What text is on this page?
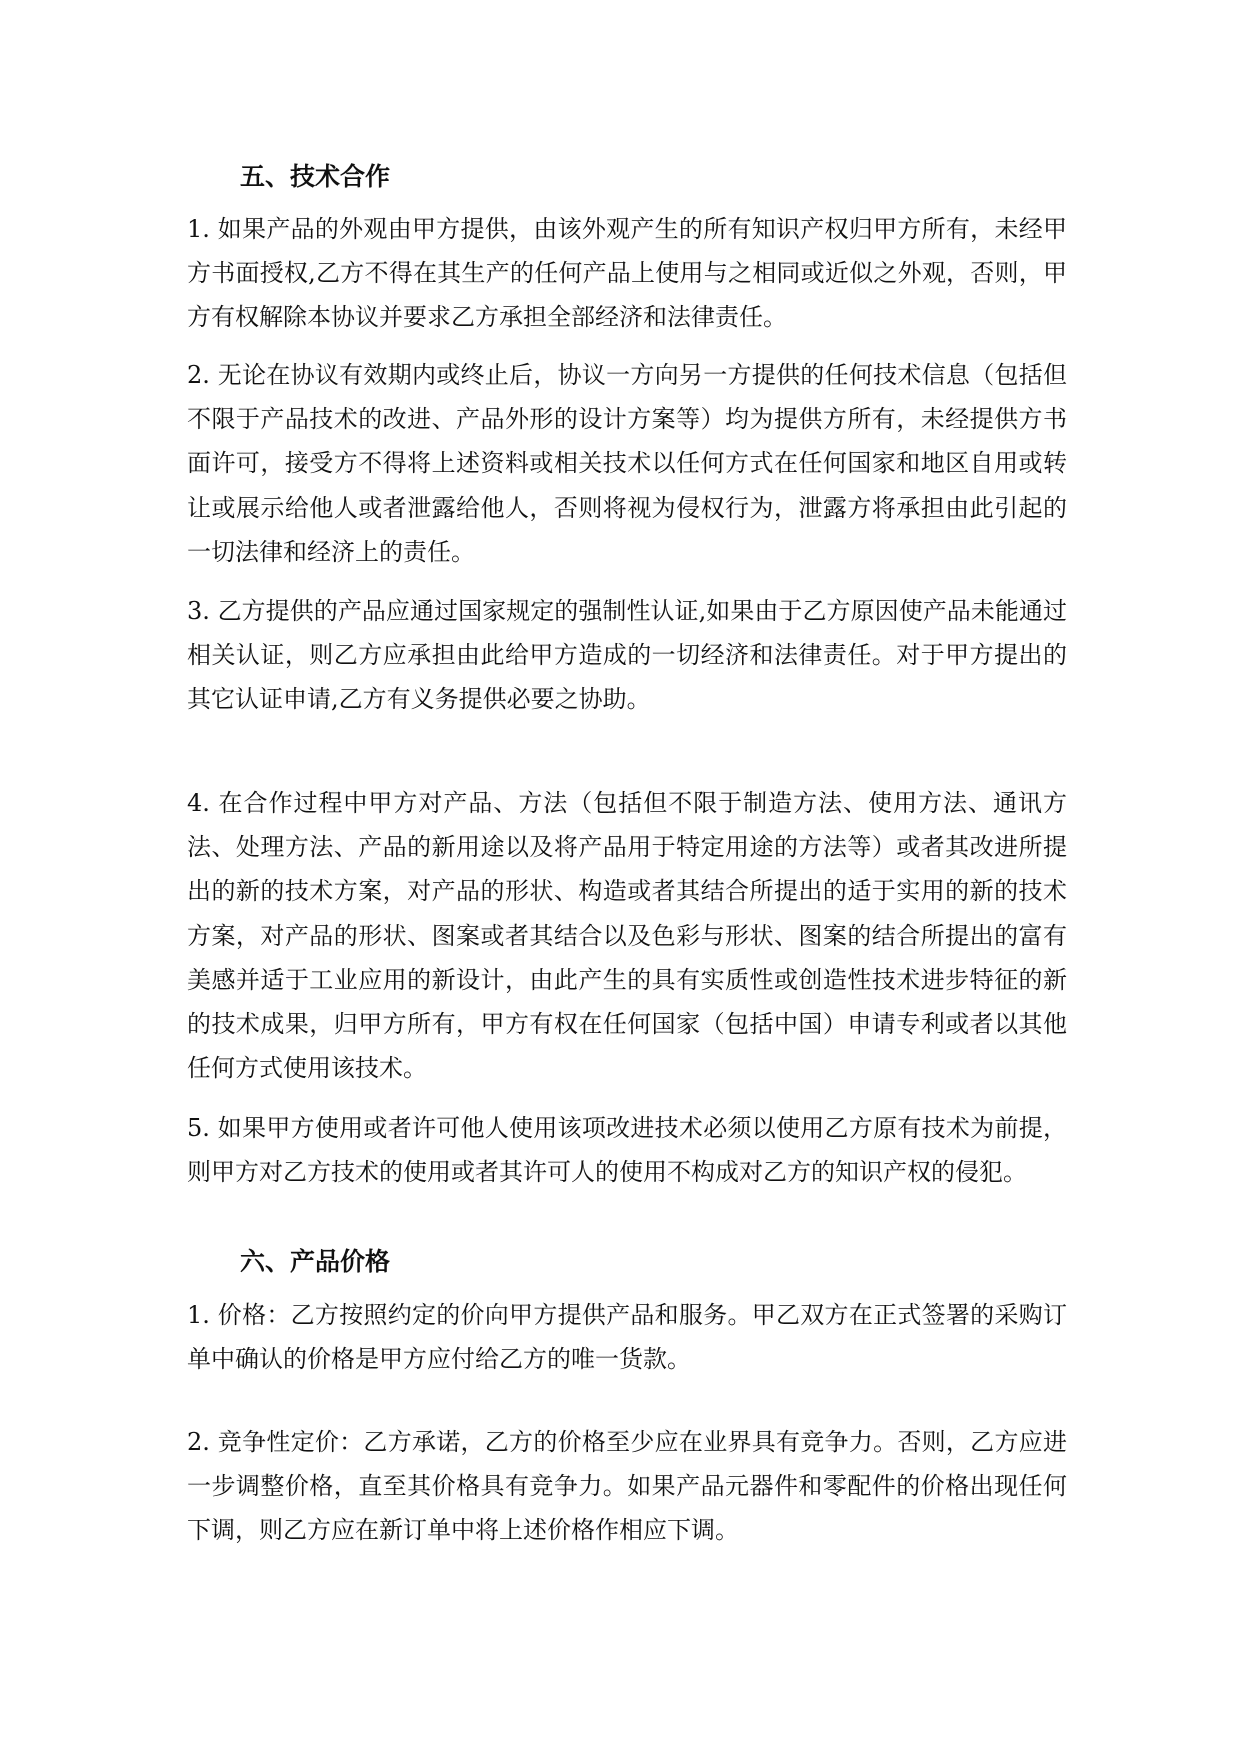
五、技术合作

1. 如果产品的外观由甲方提供，由该外观产生的所有知识产权归甲方所有，未经甲方书面授权,乙方不得在其生产的任何产品上使用与之相同或近似之外观，否则，甲方有权解除本协议并要求乙方承担全部经济和法律责任。

2. 无论在协议有效期内或终止后，协议一方向另一方提供的任何技术信息（包括但不限于产品技术的改进、产品外形的设计方案等）均为提供方所有，未经提供方书面许可，接受方不得将上述资料或相关技术以任何方式在任何国家和地区自用或转让或展示给他人或者泄露给他人，否则将视为侵权行为，泄露方将承担由此引起的一切法律和经济上的责任。

3. 乙方提供的产品应通过国家规定的强制性认证,如果由于乙方原因使产品未能通过相关认证，则乙方应承担由此给甲方造成的一切经济和法律责任。对于甲方提出的其它认证申请,乙方有义务提供必要之协助。

4. 在合作过程中甲方对产品、方法（包括但不限于制造方法、使用方法、通讯方法、处理方法、产品的新用途以及将产品用于特定用途的方法等）或者其改进所提出的新的技术方案，对产品的形状、构造或者其结合所提出的适于实用的新的技术方案，对产品的形状、图案或者其结合以及色彩与形状、图案的结合所提出的富有美感并适于工业应用的新设计，由此产生的具有实质性或创造性技术进步特征的新的技术成果，归甲方所有，甲方有权在任何国家（包括中国）申请专利或者以其他任何方式使用该技术。

5. 如果甲方使用或者许可他人使用该项改进技术必须以使用乙方原有技术为前提，则甲方对乙方技术的使用或者其许可人的使用不构成对乙方的知识产权的侵犯。

六、产品价格

1. 价格：乙方按照约定的价向甲方提供产品和服务。甲乙双方在正式签署的采购订单中确认的价格是甲方应付给乙方的唯一货款。

2. 竞争性定价：乙方承诺，乙方的价格至少应在业界具有竞争力。否则，乙方应进一步调整价格，直至其价格具有竞争力。如果产品元器件和零配件的价格出现任何下调，则乙方应在新订单中将上述价格作相应下调。
